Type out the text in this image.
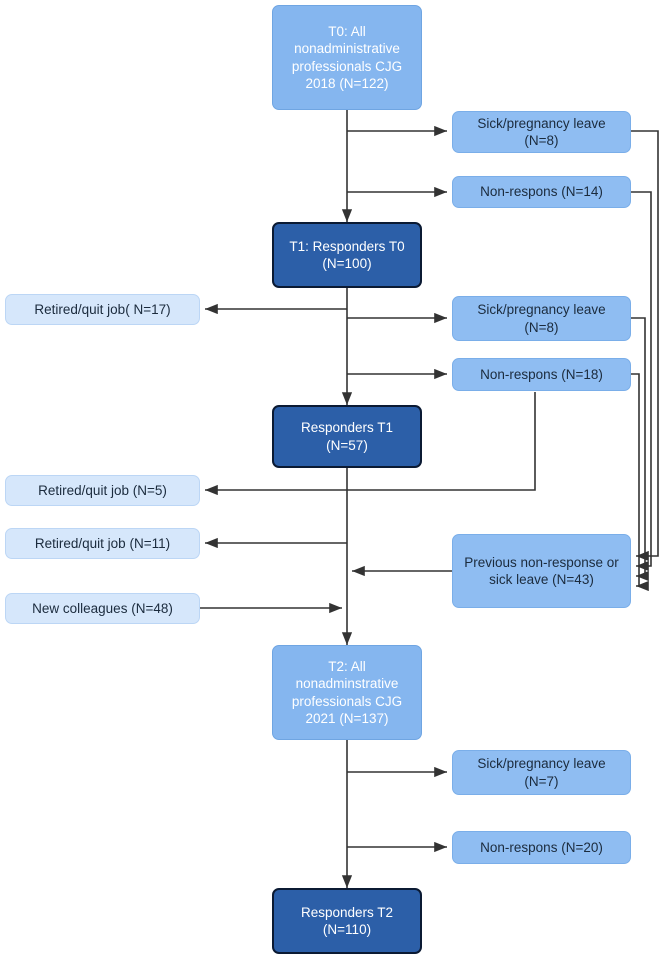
T0: All nonadministrative professionals CJG 2018 (N=122)
Sick/pregnancy leave (N=8)
Non-respons (N=14)
T1: Responders T0 (N=100)
Retired/quit job( N=17)	Sick/pregnancy leave (N=8)
Non-respons (N=18)
Responders T1 (N=57)
Retired/quit job (N=5)
Retired/quit job (N=11)
Previous non-response or sick leave (N=43)
New colleagues (N=48)
T2: All nonadminstrative professionals CJG 2021 (N=137)
Sick/pregnancy leave (N=7)
Non-respons (N=20)
Responders T2 (N=110)
